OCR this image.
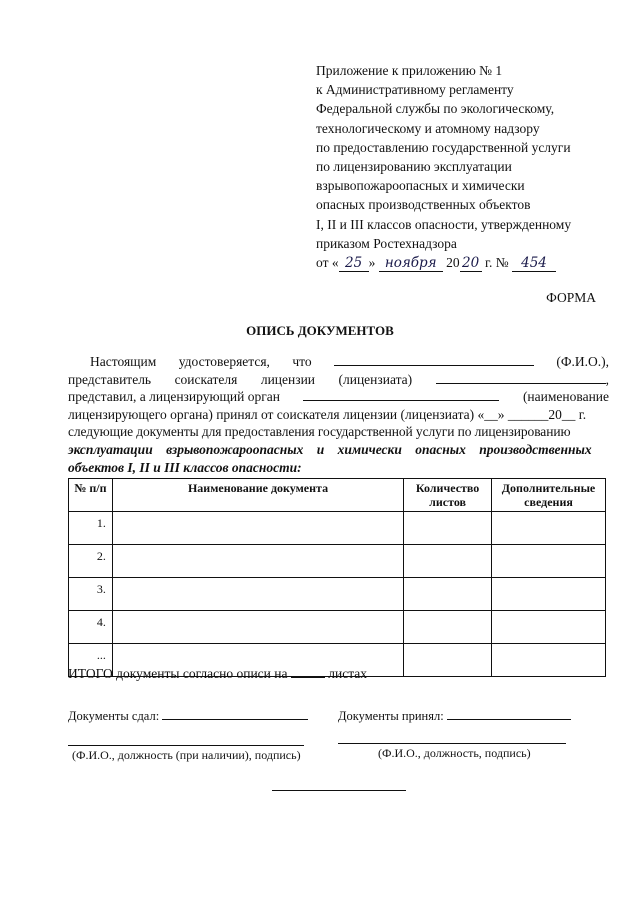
Приложение к приложению № 1
к Административному регламенту
Федеральной службы по экологическому,
технологическому и атомному надзору
по предоставлению государственной услуги
по лицензированию эксплуатации
взрывопожароопасных и химически
опасных производственных объектов
I, II и III классов опасности, утвержденному
приказом Ростехнадзора
от « 25 » ноября 20 20 г. № 454
ФОРМА
ОПИСЬ ДОКУМЕНТОВ
Настоящим удостоверяется, что	(Ф.И.О.),
представитель соискателя лицензии (лицензиата)	,
представил, а лицензирующий орган	(наименование
лицензирующего органа) принял от соискателя лицензии (лицензиата) «__» ______20__ г.
следующие документы для предоставления государственной услуги по лицензированию
эксплуатации взрывопожароопасных и химически опасных производственных
объектов I, II и III классов опасности:
№ п/п	Наименование документа	Количество листов	Дополнительные сведения
1.			
2.			
3.			
4.			
...			
ИТОГО документы согласно описи на	листах
Документы сдал:	Документы принял:
(Ф.И.О., должность (при наличии), подпись)	(Ф.И.О., должность, подпись)
